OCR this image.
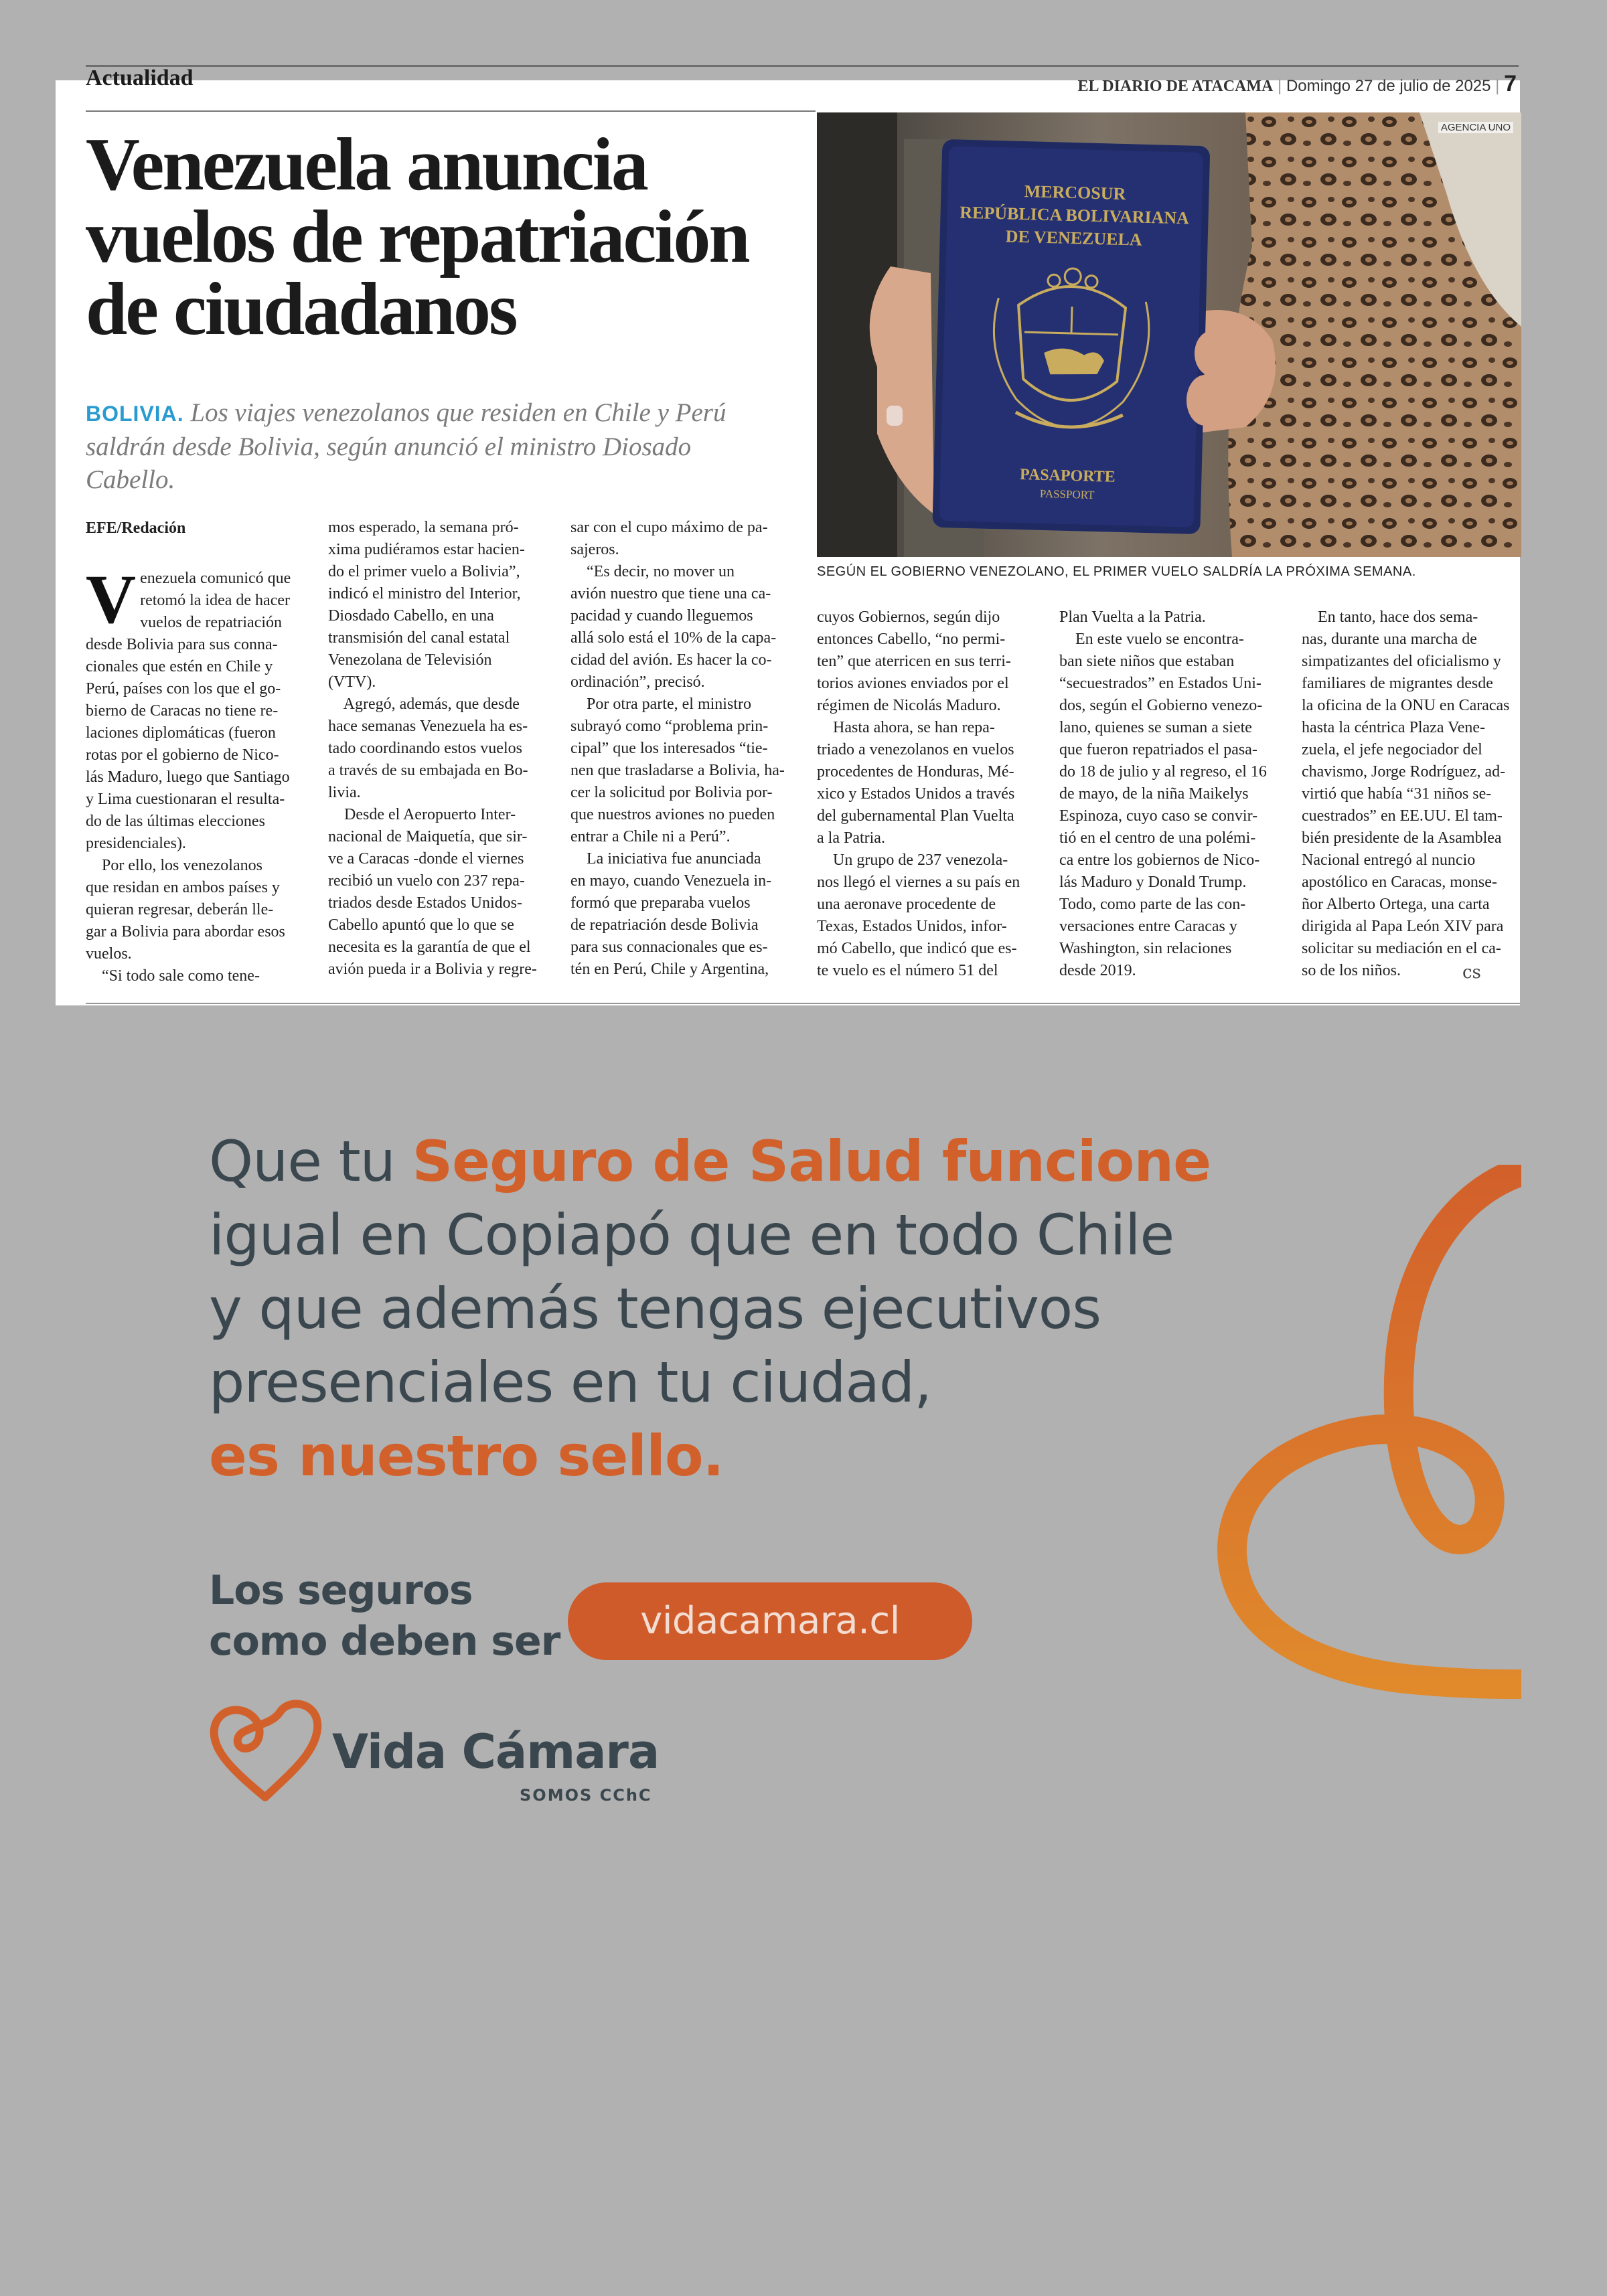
Actualidad	EL DIARIO DE ATACAMA | Domingo 27 de julio de 2025 | 7
Venezuela anuncia
vuelos de repatriación
de ciudadanos
BOLIVIA. Los viajes venezolanos que residen en Chile y Perú
saldrán desde Bolivia, según anunció el ministro Diosado
Cabello.
EFE/Redación
Venezuela comunicó que
retomó la idea de hacer
vuelos de repatriación
desde Bolivia para sus conna-
cionales que estén en Chile y
Perú, países con los que el go-
bierno de Caracas no tiene re-
laciones diplomáticas (fueron
rotas por el gobierno de Nico-
lás Maduro, luego que Santiago
y Lima cuestionaran el resulta-
do de las últimas elecciones
presidenciales).
Por ello, los venezolanos
que residan en ambos países y
quieran regresar, deberán lle-
gar a Bolivia para abordar esos
vuelos.
“Si todo sale como tene-
mos esperado, la semana pró-
xima pudiéramos estar hacien-
do el primer vuelo a Bolivia”,
indicó el ministro del Interior,
Diosdado Cabello, en una
transmisión del canal estatal
Venezolana de Televisión
(VTV).
Agregó, además, que desde
hace semanas Venezuela ha es-
tado coordinando estos vuelos
a través de su embajada en Bo-
livia.
Desde el Aeropuerto Inter-
nacional de Maiquetía, que sir-
ve a Caracas -donde el viernes
recibió un vuelo con 237 repa-
triados desde Estados Unidos-
Cabello apuntó que lo que se
necesita es la garantía de que el
avión pueda ir a Bolivia y regre-
sar con el cupo máximo de pa-
sajeros.
“Es decir, no mover un
avión nuestro que tiene una ca-
pacidad y cuando lleguemos
allá solo está el 10% de la capa-
cidad del avión. Es hacer la co-
ordinación”, precisó.
Por otra parte, el ministro
subrayó como “problema prin-
cipal” que los interesados “tie-
nen que trasladarse a Bolivia, ha-
cer la solicitud por Bolivia por-
que nuestros aviones no pueden
entrar a Chile ni a Perú”.
La iniciativa fue anunciada
en mayo, cuando Venezuela in-
formó que preparaba vuelos
de repatriación desde Bolivia
para sus connacionales que es-
tén en Perú, Chile y Argentina,
cuyos Gobiernos, según dijo
entonces Cabello, “no permi-
ten” que aterricen en sus terri-
torios aviones enviados por el
régimen de Nicolás Maduro.
Hasta ahora, se han repa-
triado a venezolanos en vuelos
procedentes de Honduras, Mé-
xico y Estados Unidos a través
del gubernamental Plan Vuelta
a la Patria.
Un grupo de 237 venezola-
nos llegó el viernes a su país en
una aeronave procedente de
Texas, Estados Unidos, infor-
mó Cabello, que indicó que es-
te vuelo es el número 51 del
Plan Vuelta a la Patria.
En este vuelo se encontra-
ban siete niños que estaban
“secuestrados” en Estados Uni-
dos, según el Gobierno venezo-
lano, quienes se suman a siete
que fueron repatriados el pasa-
do 18 de julio y al regreso, el 16
de mayo, de la niña Maikelys
Espinoza, cuyo caso se convir-
tió en el centro de una polémi-
ca entre los gobiernos de Nico-
lás Maduro y Donald Trump.
Todo, como parte de las con-
versaciones entre Caracas y
Washington, sin relaciones
desde 2019.
En tanto, hace dos sema-
nas, durante una marcha de
simpatizantes del oficialismo y
familiares de migrantes desde
la oficina de la ONU en Caracas
hasta la céntrica Plaza Vene-
zuela, el jefe negociador del
chavismo, Jorge Rodríguez, ad-
virtió que había “31 niños se-
cuestrados” en EE.UU. El tam-
bién presidente de la Asamblea
Nacional entregó al nuncio
apostólico en Caracas, monse-
ñor Alberto Ortega, una carta
dirigida al Papa León XIV para
solicitar su mediación en el ca-
so de los niños.	cs
AGENCIA UNO
MERCOSUR
REPÚBLICA BOLIVARIANA
DE VENEZUELA
PASAPORTE
PASSPORT
SEGÚN EL GOBIERNO VENEZOLANO, EL PRIMER VUELO SALDRÍA LA PRÓXIMA SEMANA.
Que tu Seguro de Salud funcione
igual en Copiapó que en todo Chile
y que además tengas ejecutivos
presenciales en tu ciudad,
es nuestro sello.
Los seguros
como deben ser	vidacamara.cl
Vida Cámara
SOMOS CChC
